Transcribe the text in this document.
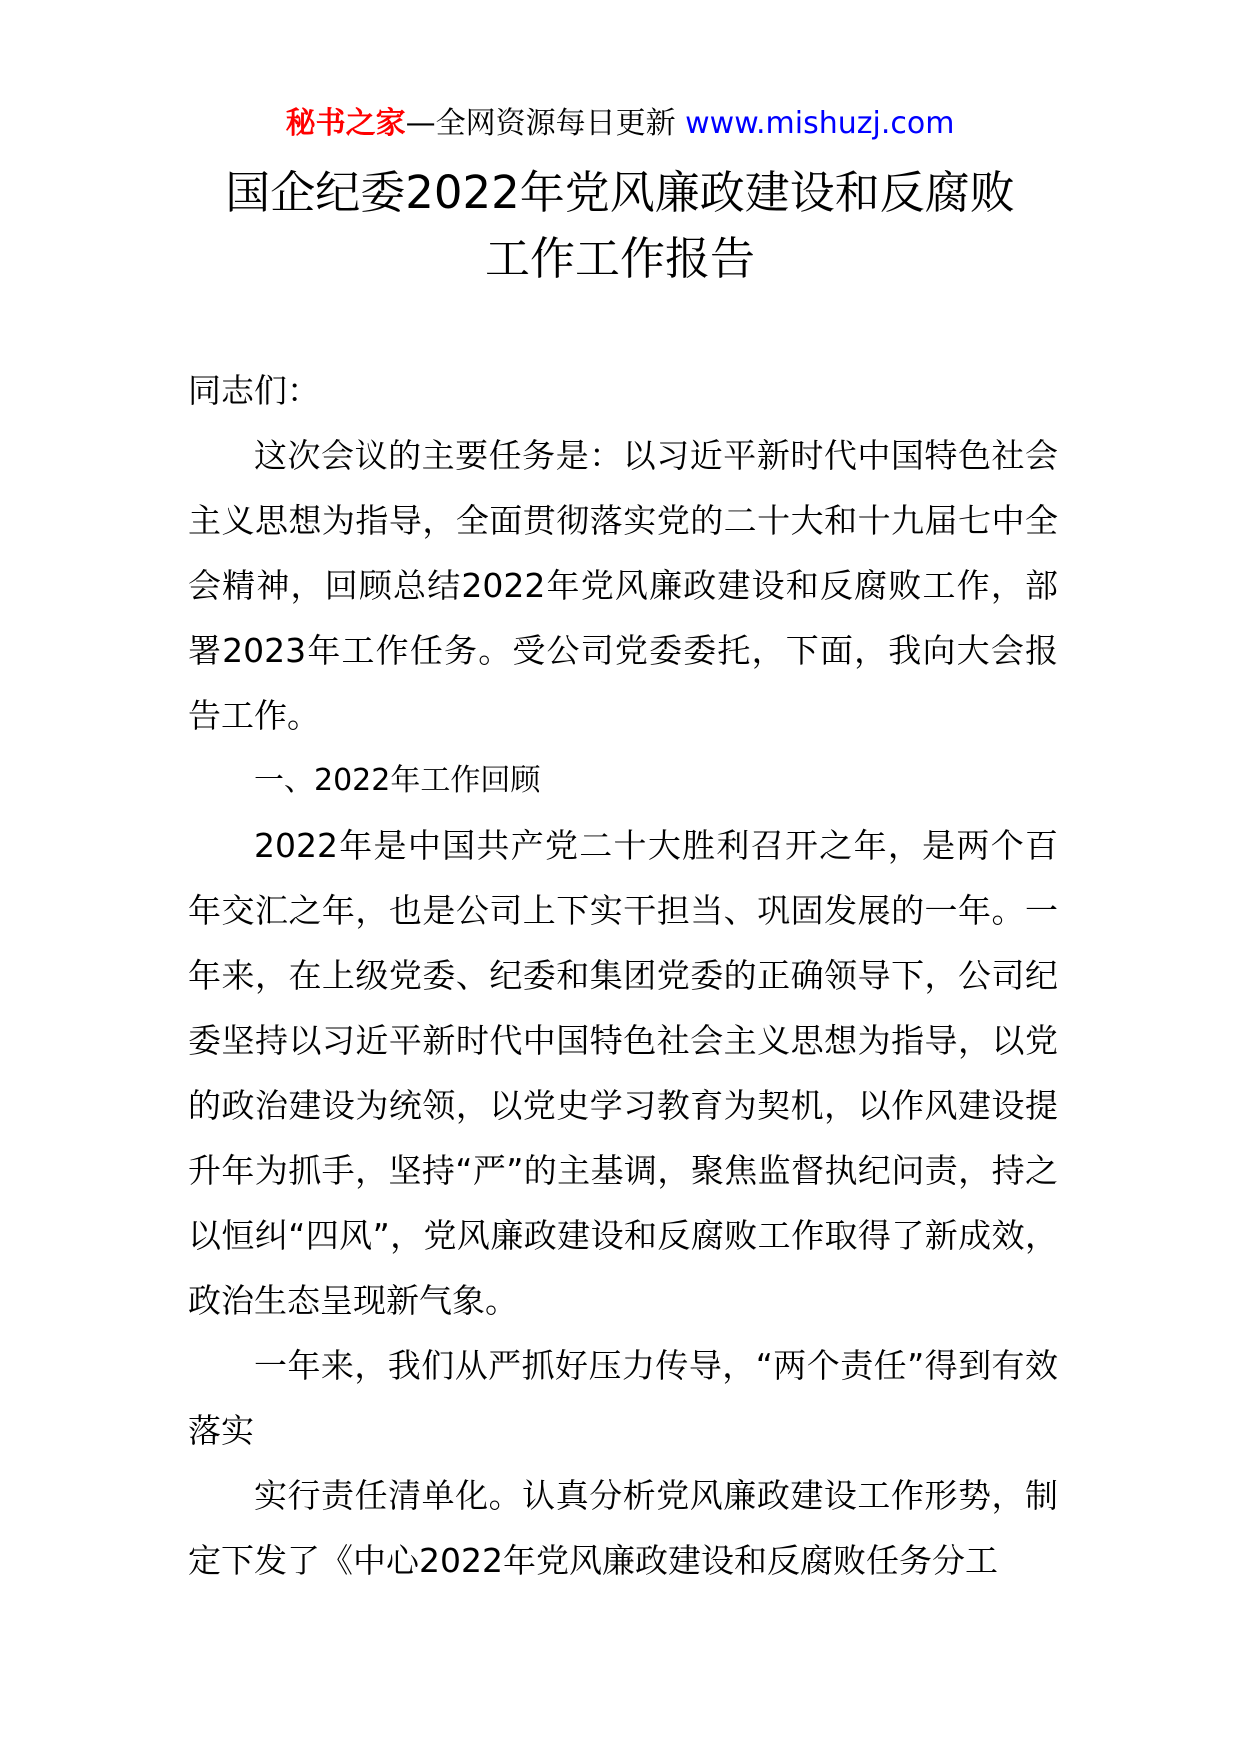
秘书之家—全网资源每日更新 www.mishuzj.com
国企纪委2022年党风廉政建设和反腐败
工作工作报告

同志们：

这次会议的主要任务是：以习近平新时代中国特色社会主义思想为指导，全面贯彻落实党的二十大和十九届七中全会精神，回顾总结2022年党风廉政建设和反腐败工作，部署2023年工作任务。受公司党委委托，下面，我向大会报告工作。

一、2022年工作回顾

2022年是中国共产党二十大胜利召开之年，是两个百年交汇之年，也是公司上下实干担当、巩固发展的一年。一年来，在上级党委、纪委和集团党委的正确领导下，公司纪委坚持以习近平新时代中国特色社会主义思想为指导，以党的政治建设为统领，以党史学习教育为契机，以作风建设提升年为抓手，坚持“严”的主基调，聚焦监督执纪问责，持之以恒纠“四风”，党风廉政建设和反腐败工作取得了新成效，政治生态呈现新气象。

一年来，我们从严抓好压力传导，“两个责任”得到有效落实

实行责任清单化。认真分析党风廉政建设工作形势，制定下发了《中心2022年党风廉政建设和反腐败任务分工
